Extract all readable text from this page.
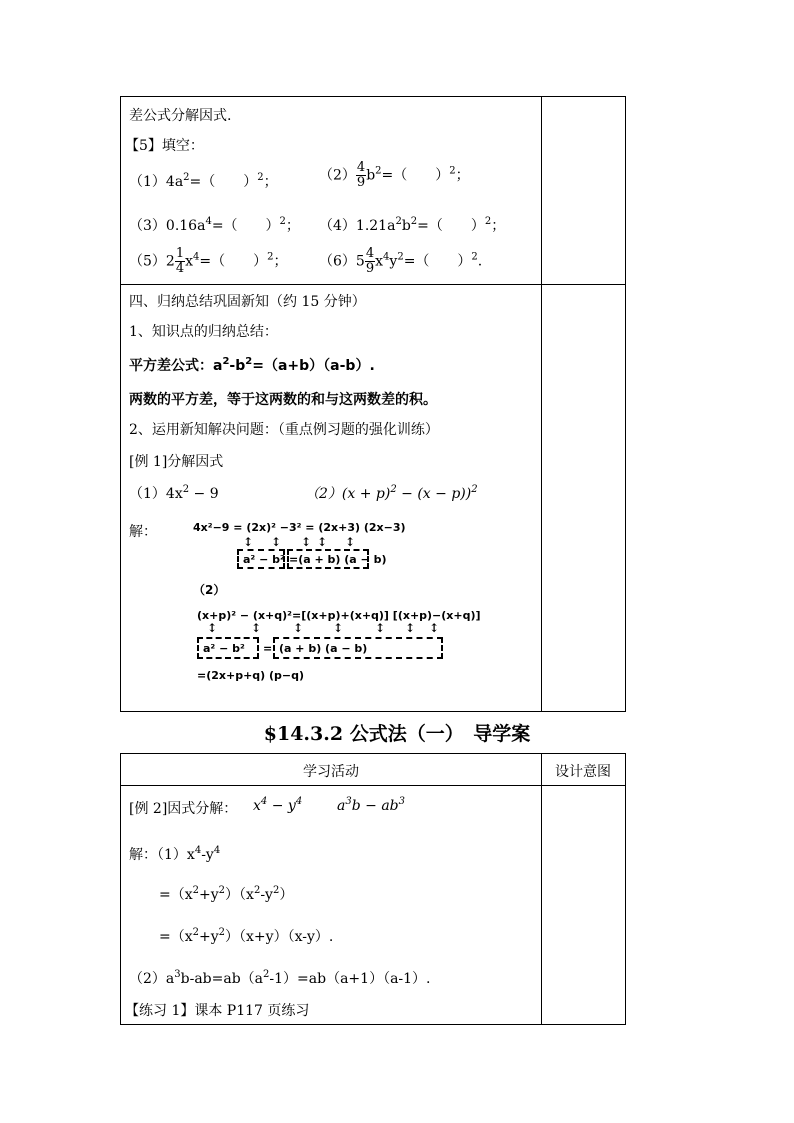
差公式分解因式.
【5】填空：
$(1)4a^2=$（　　）$^2$；	$(2) \frac{4}{9} b^2=$（　　）$^2$；
$(3)0.16a^4=$（　　）$^2$； $(4)1.21a^2b^2=$（　　）$^2$；
$(5)2 \frac{1}{4} x^4=$（　　）$^2$； $(6)5 \frac{4}{9} x^4y^2=$（　　）$^2$.
四、归纳总结巩固新知（约 15 分钟）
1、知识点的归纳总结：
平方差公式：$a^2-b^2=(a+b)(a-b)$.
两数的平方差，等于这两数的和与这两数差的积。
2、运用新知解决问题：（重点例习题的强化训练）
[例 1]分解因式
$(1)4x^2 - 9$	$(2)(x + p)^2 - (x - p))^2$
解：	4x²−9 = (2x)² −3² = (2x+3) (2x−3)
↕ ↕ ↕ ↕ ↕
a² − b² =(a + b) (a − b)
（2）
(x+p)² − (x+q)²=[(x+p)+(x+q)] [(x+p)−(x+q)]
↕	↕	↕ ↕	↕ ↕ ↕
a² − b² = (a + b) (a − b)
=(2x+p+q) (p−q)
$14.3.2 公式法（一）　导学案
学习活动	设计意图
[例 2]因式分解： $x^4 - y^4$ $a^3b - ab^3$
解：$(1)x^4-y^4$
$=(x^2+y^2)(x^2-y^2)$
$=(x^2+y^2)(x+y)(x-y)$.
$(2)a^3b-ab=ab(a^2-1)=ab(a+1)(a-1)$.
【练习 1】课本 P117 页练习
